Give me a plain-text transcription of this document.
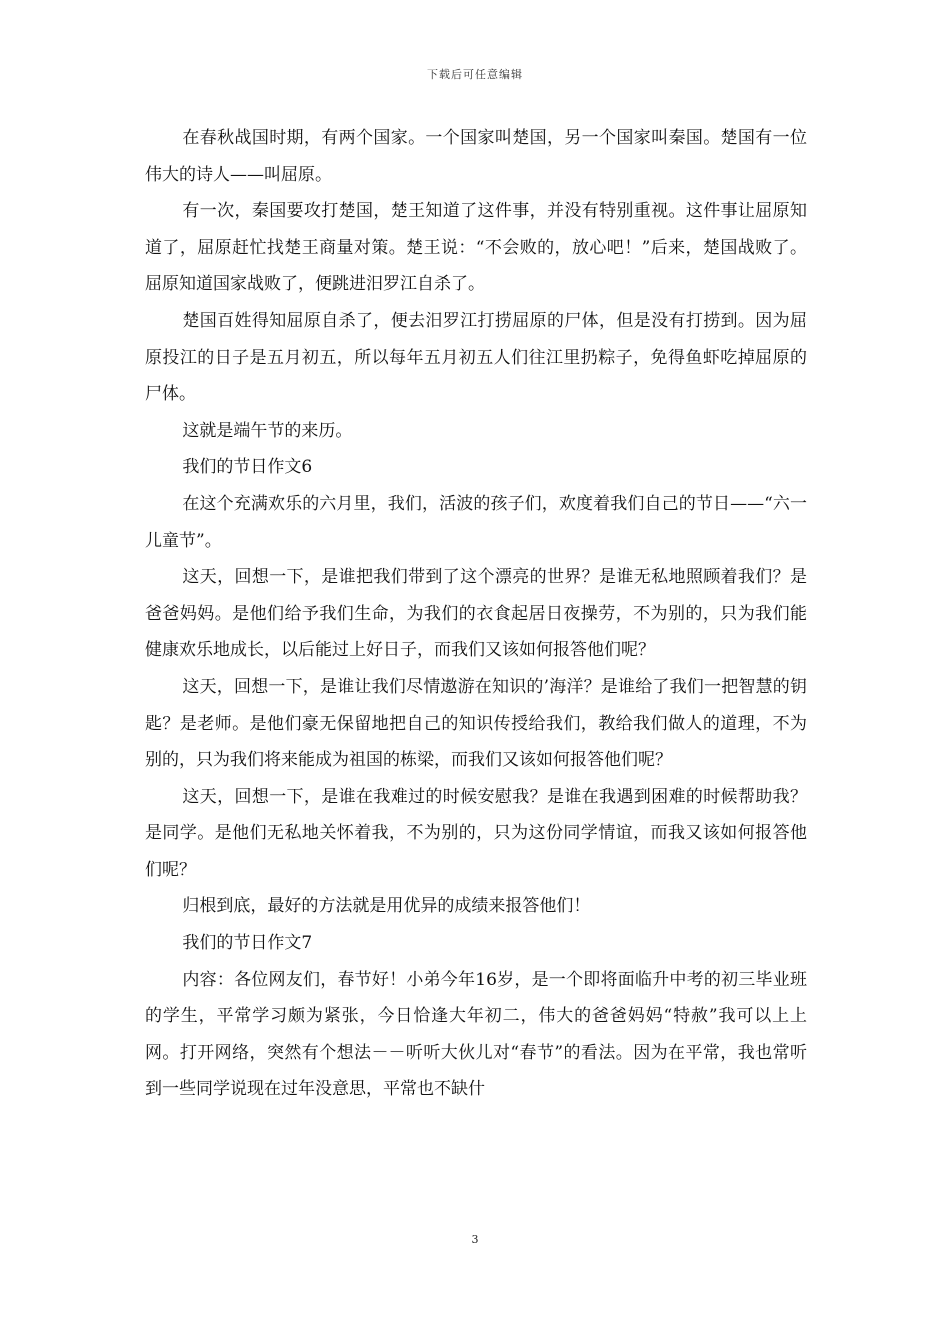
下载后可任意编辑

在春秋战国时期，有两个国家。一个国家叫楚国，另一个国家叫秦国。楚国有一位伟大的诗人——叫屈原。

有一次，秦国要攻打楚国，楚王知道了这件事，并没有特别重视。这件事让屈原知道了，屈原赶忙找楚王商量对策。楚王说：“不会败的，放心吧！”后来，楚国战败了。屈原知道国家战败了，便跳进汨罗江自杀了。

楚国百姓得知屈原自杀了，便去汨罗江打捞屈原的尸体，但是没有打捞到。因为屈原投江的日子是五月初五，所以每年五月初五人们往江里扔粽子，免得鱼虾吃掉屈原的尸体。

这就是端午节的来历。

我们的节日作文6

在这个充满欢乐的六月里，我们，活波的孩子们，欢度着我们自己的节日——“六一儿童节”。

这天，回想一下，是谁把我们带到了这个漂亮的世界？是谁无私地照顾着我们？是爸爸妈妈。是他们给予我们生命，为我们的衣食起居日夜操劳，不为别的，只为我们能健康欢乐地成长，以后能过上好日子，而我们又该如何报答他们呢？

这天，回想一下，是谁让我们尽情遨游在知识的’海洋？是谁给了我们一把智慧的钥匙？是老师。是他们豪无保留地把自己的知识传授给我们，教给我们做人的道理，不为别的，只为我们将来能成为祖国的栋梁，而我们又该如何报答他们呢？

这天，回想一下，是谁在我难过的时候安慰我？是谁在我遇到困难的时候帮助我？是同学。是他们无私地关怀着我，不为别的，只为这份同学情谊，而我又该如何报答他们呢？

归根到底，最好的方法就是用优异的成绩来报答他们！

我们的节日作文7

内容：各位网友们，春节好！小弟今年16岁，是一个即将面临升中考的初三毕业班的学生，平常学习颇为紧张，今日恰逢大年初二，伟大的爸爸妈妈“特赦”我可以上上网。打开网络，突然有个想法－－听听大伙儿对“春节”的看法。因为在平常，我也常听到一些同学说现在过年没意思，平常也不缺什

3
